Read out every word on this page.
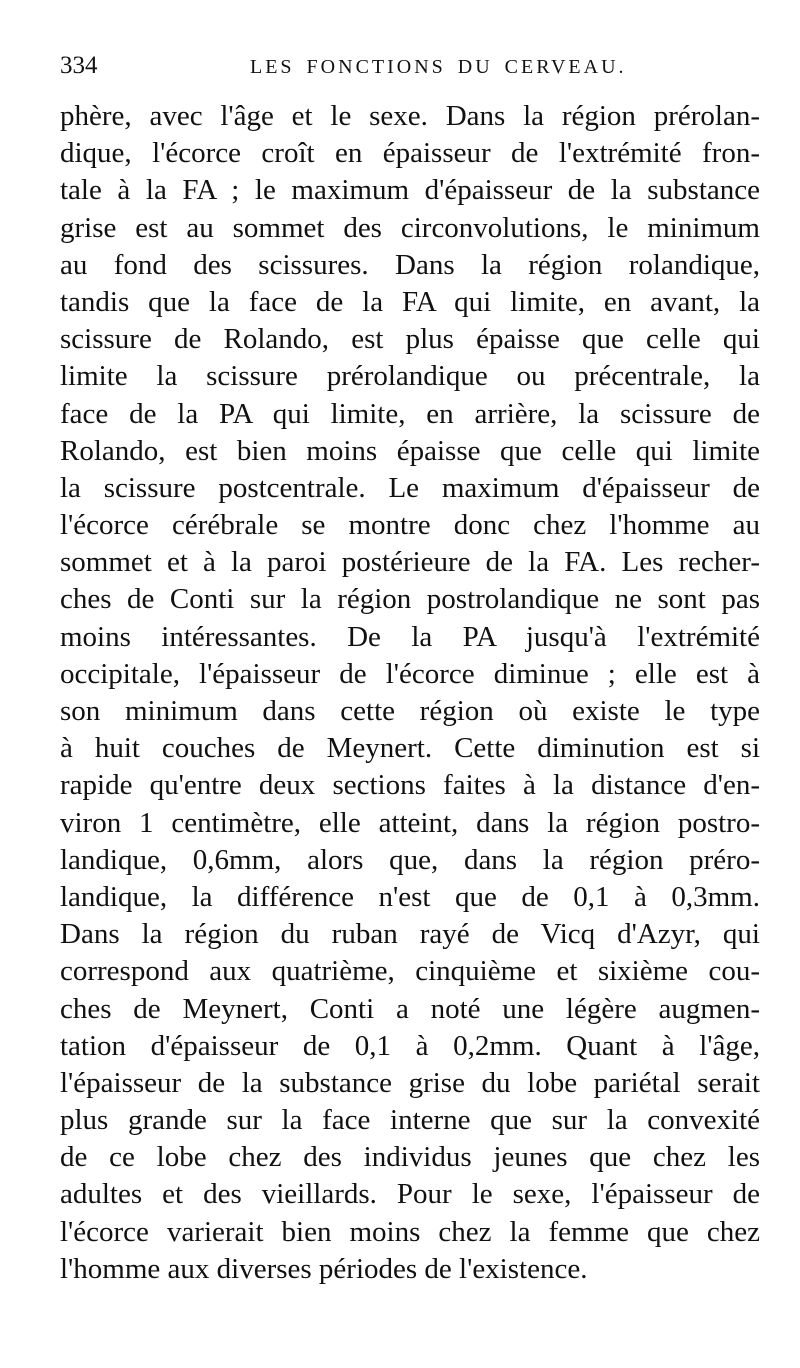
334	LES FONCTIONS DU CERVEAU.
phère, avec l'âge et le sexe. Dans la région prérolan-
dique, l'écorce croît en épaisseur de l'extrémité fron-
tale à la FA ; le maximum d'épaisseur de la substance
grise est au sommet des circonvolutions, le minimum
au fond des scissures. Dans la région rolandique,
tandis que la face de la FA qui limite, en avant, la
scissure de Rolando, est plus épaisse que celle qui
limite la scissure prérolandique ou précentrale, la
face de la PA qui limite, en arrière, la scissure de
Rolando, est bien moins épaisse que celle qui limite
la scissure postcentrale. Le maximum d'épaisseur de
l'écorce cérébrale se montre donc chez l'homme au
sommet et à la paroi postérieure de la FA. Les recher-
ches de Conti sur la région postrolandique ne sont pas
moins intéressantes. De la PA jusqu'à l'extrémité
occipitale, l'épaisseur de l'écorce diminue ; elle est à
son minimum dans cette région où existe le type
à huit couches de Meynert. Cette diminution est si
rapide qu'entre deux sections faites à la distance d'en-
viron 1 centimètre, elle atteint, dans la région postro-
landique, 0,6mm, alors que, dans la région préro-
landique, la différence n'est que de 0,1 à 0,3mm.
Dans la région du ruban rayé de Vicq d'Azyr, qui
correspond aux quatrième, cinquième et sixième cou-
ches de Meynert, Conti a noté une légère augmen-
tation d'épaisseur de 0,1 à 0,2mm. Quant à l'âge,
l'épaisseur de la substance grise du lobe pariétal serait
plus grande sur la face interne que sur la convexité
de ce lobe chez des individus jeunes que chez les
adultes et des vieillards. Pour le sexe, l'épaisseur de
l'écorce varierait bien moins chez la femme que chez
l'homme aux diverses périodes de l'existence.
